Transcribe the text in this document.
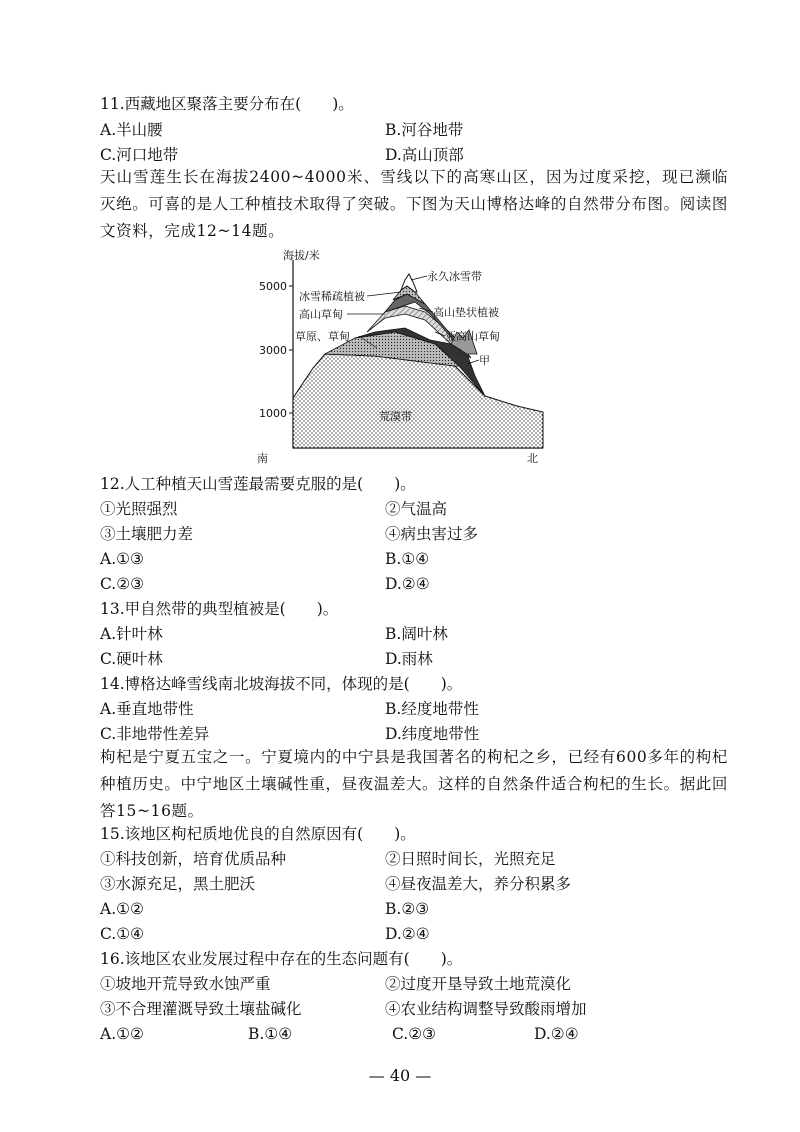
11.西藏地区聚落主要分布在(　　)。
A.半山腰	B.河谷地带
C.河口地带	D.高山顶部
天山雪莲生长在海拔2400~4000米、雪线以下的高寒山区，因为过度采挖，现已濒临灭绝。可喜的是人工种植技术取得了突破。下图为天山博格达峰的自然带分布图。阅读图文资料，完成12~14题。
海拔/米
5000
3000
1000
南	北
永久冰雪带
冰雪稀疏植被
高山草甸	高山垫状植被
草原、草甸	亚高山草甸
甲
荒漠带
12.人工种植天山雪莲最需要克服的是(　　)。
①光照强烈	②气温高
③土壤肥力差	④病虫害过多
A.①③	B.①④
C.②③	D.②④
13.甲自然带的典型植被是(　　)。
A.针叶林	B.阔叶林
C.硬叶林	D.雨林
14.博格达峰雪线南北坡海拔不同，体现的是(　　)。
A.垂直地带性	B.经度地带性
C.非地带性差异	D.纬度地带性
枸杞是宁夏五宝之一。宁夏境内的中宁县是我国著名的枸杞之乡，已经有600多年的枸杞种植历史。中宁地区土壤碱性重，昼夜温差大。这样的自然条件适合枸杞的生长。据此回答15~16题。
15.该地区枸杞质地优良的自然原因有(　　)。
①科技创新，培育优质品种	②日照时间长，光照充足
③水源充足，黑土肥沃	④昼夜温差大，养分积累多
A.①②	B.②③
C.①④	D.②④
16.该地区农业发展过程中存在的生态问题有(　　)。
①坡地开荒导致水蚀严重	②过度开垦导致土地荒漠化
③不合理灌溉导致土壤盐碱化	④农业结构调整导致酸雨增加
A.①②	B.①④	C.②③	D.②④
— 40 —
